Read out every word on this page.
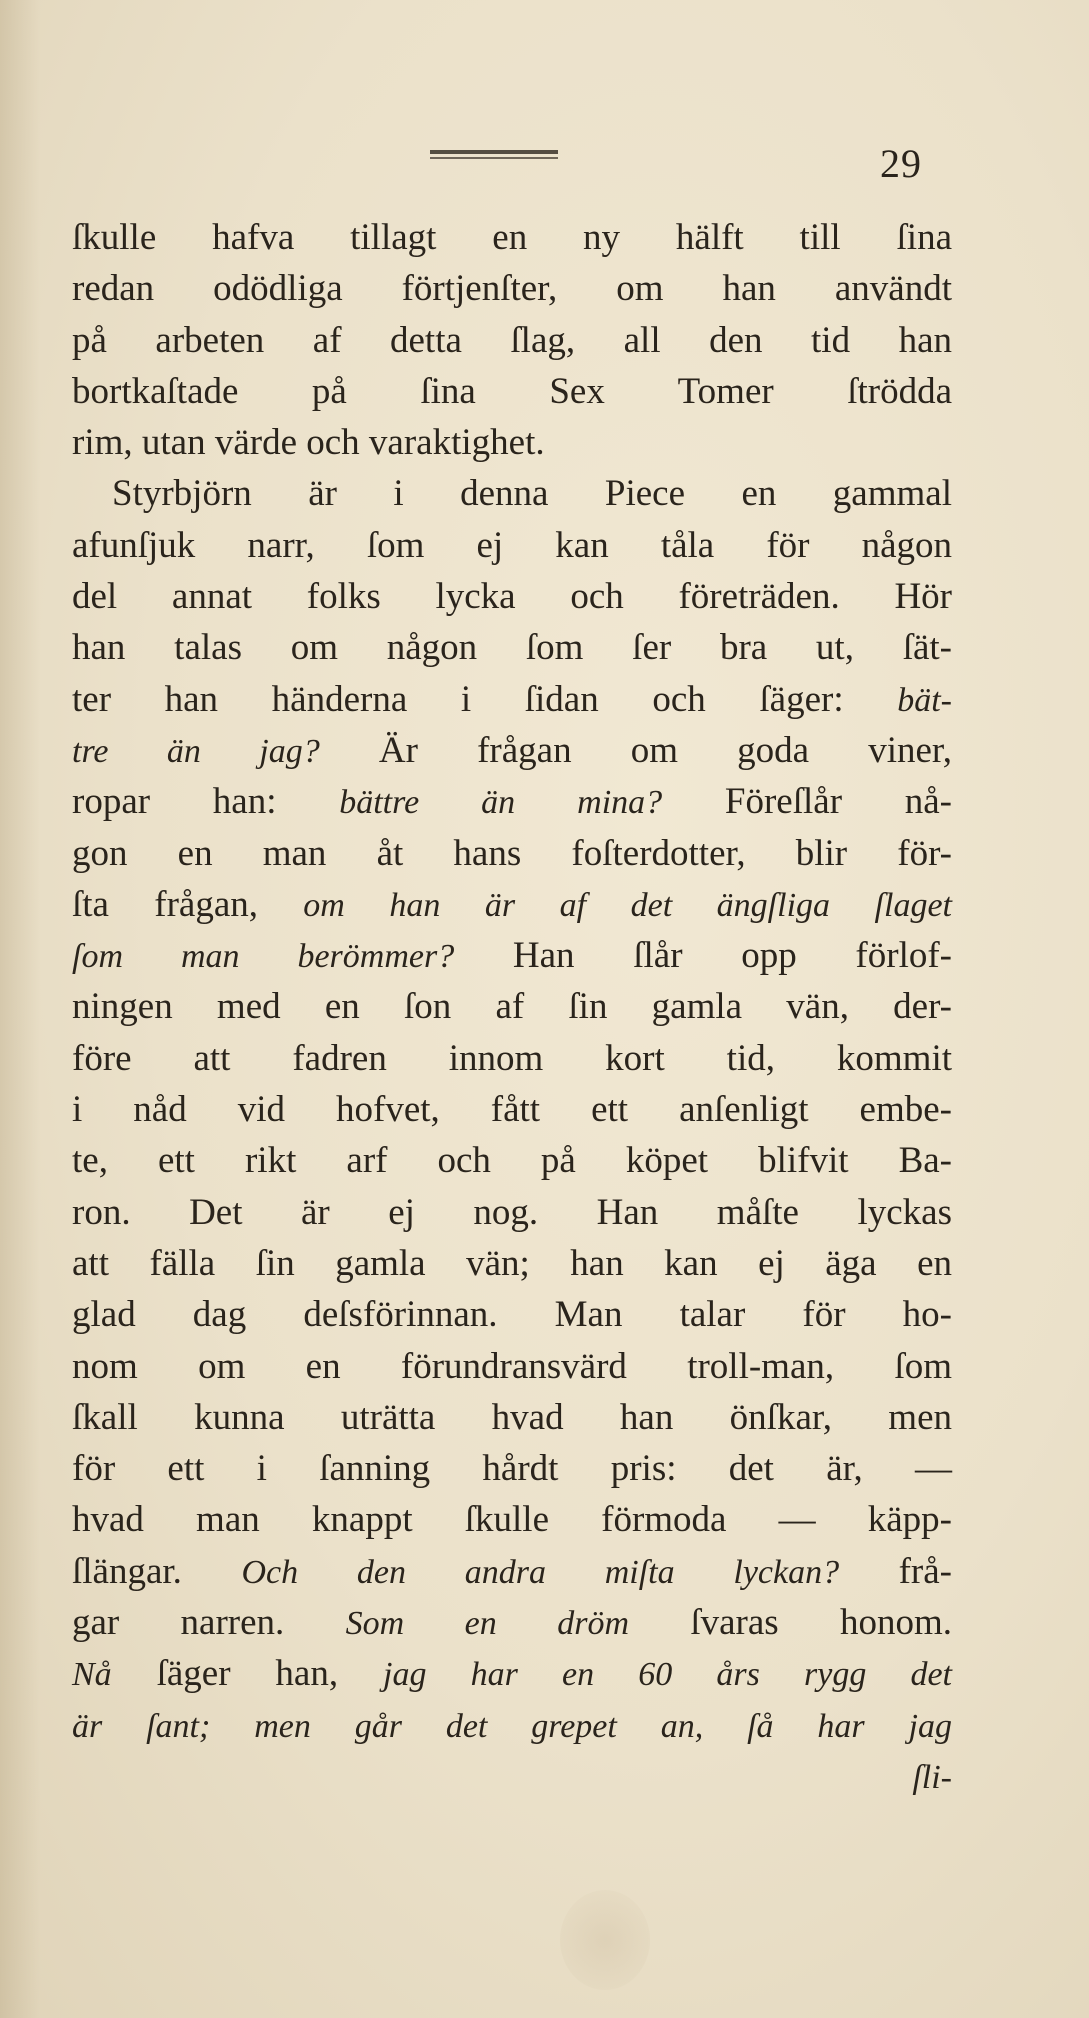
29
ſkulle hafva tillagt en ny hälft till ſina
redan odödliga förtjenſter, om han användt
på arbeten af detta ſlag, all den tid han
bortkaſtade på ſina Sex Tomer ſtrödda
rim, utan värde och varaktighet.
Styrbjörn är i denna Piece en gammal
afunſjuk narr, ſom ej kan tåla för någon
del annat folks lycka och företräden. Hör
han talas om någon ſom ſer bra ut, ſät-
ter han händerna i ſidan och ſäger: bät-
tre än jag? Är frågan om goda viner,
ropar han: bättre än mina? Föreſlår nå-
gon en man åt hans foſterdotter, blir för-
ſta frågan, om han är af det ängſliga ſlaget
ſom man berömmer? Han ſlår opp förlof-
ningen med en ſon af ſin gamla vän, der-
före att fadren innom kort tid, kommit
i nåd vid hofvet, fått ett anſenligt embe-
te, ett rikt arf och på köpet blifvit Ba-
ron. Det är ej nog. Han måſte lyckas
att fälla ſin gamla vän; han kan ej äga en
glad dag deſsförinnan. Man talar för ho-
nom om en förundransvärd troll-man, ſom
ſkall kunna uträtta hvad han önſkar, men
för ett i ſanning hårdt pris: det är, —
hvad man knappt ſkulle förmoda — käpp-
ſlängar. Och den andra miſta lyckan? frå-
gar narren. Som en dröm ſvaras honom.
Nå ſäger han, jag har en 60 års rygg det
är ſant; men går det grepet an, ſå har jag
ſli-
